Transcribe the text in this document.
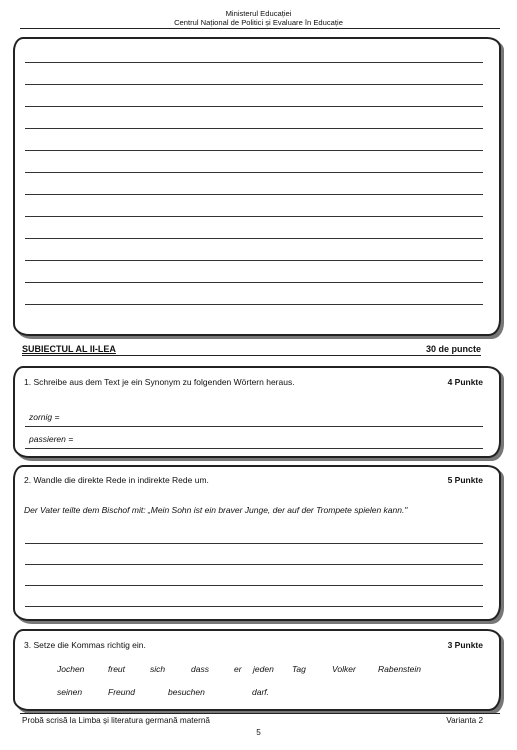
Ministerul Educației
Centrul Național de Politici și Evaluare în Educație
SUBIECTUL AL II-LEA	30 de puncte
1. Schreibe aus dem Text je ein Synonym zu folgenden Wörtern heraus.	4 Punkte
zornig =
passieren =
2. Wandle die direkte Rede in indirekte Rede um.	5 Punkte
Der Vater teilte dem Bischof mit: „Mein Sohn ist ein braver Junge, der auf der Trompete spielen kann."
3. Setze die Kommas richtig ein.	3 Punkte
Jochen	freut	sich	dass	er jeden Tag	Volker	Rabenstein
seinen	Freund	besuchen	darf.
Probă scrisă la Limba și literatura germană maternă	Varianta 2
5
